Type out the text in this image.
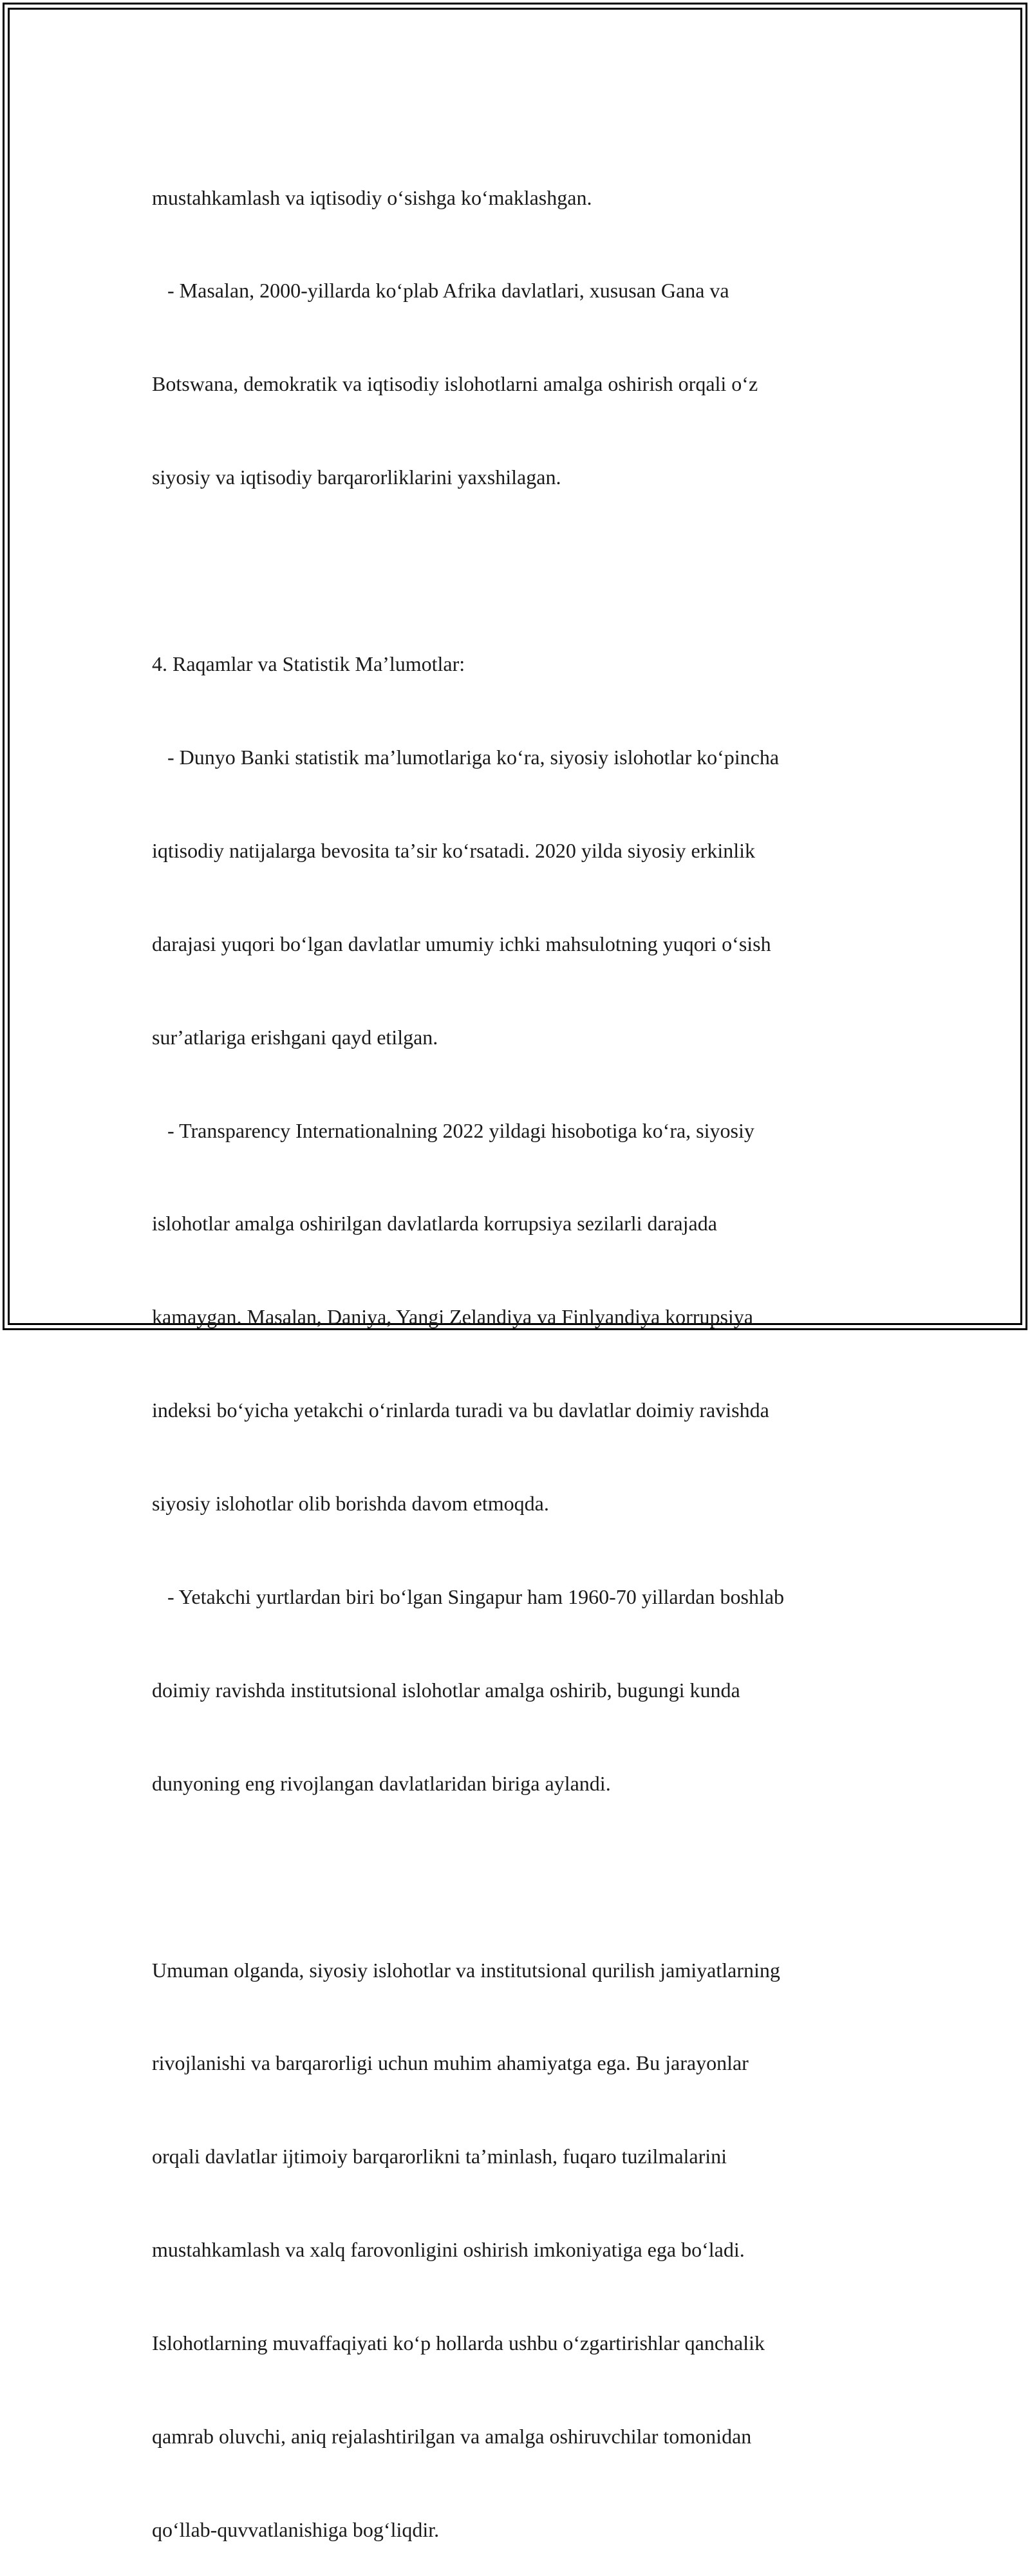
mustahkamlash va iqtisodiy oʻsishga koʻmaklashgan.

- Masalan, 2000-yillarda koʻplab Afrika davlatlari, xususan Gana va

Botswana, demokratik va iqtisodiy islohotlarni amalga oshirish orqali oʻz

siyosiy va iqtisodiy barqarorliklarini yaxshilagan.

4. Raqamlar va Statistik Maʼlumotlar:

- Dunyo Banki statistik maʼlumotlariga koʻra, siyosiy islohotlar koʻpincha

iqtisodiy natijalarga bevosita taʼsir koʻrsatadi. 2020 yilda siyosiy erkinlik

darajasi yuqori boʻlgan davlatlar umumiy ichki mahsulotning yuqori oʻsish

surʼatlariga erishgani qayd etilgan.

- Transparency Internationalning 2022 yildagi hisobotiga koʻra, siyosiy

islohotlar amalga oshirilgan davlatlarda korrupsiya sezilarli darajada

kamaygan. Masalan, Daniya, Yangi Zelandiya va Finlyandiya korrupsiya

indeksi boʻyicha yetakchi oʻrinlarda turadi va bu davlatlar doimiy ravishda

siyosiy islohotlar olib borishda davom etmoqda.

- Yetakchi yurtlardan biri boʻlgan Singapur ham 1960-70 yillardan boshlab

doimiy ravishda institutsional islohotlar amalga oshirib, bugungi kunda

dunyoning eng rivojlangan davlatlaridan biriga aylandi.

Umuman olganda, siyosiy islohotlar va institutsional qurilish jamiyatlarning

rivojlanishi va barqarorligi uchun muhim ahamiyatga ega. Bu jarayonlar

orqali davlatlar ijtimoiy barqarorlikni taʼminlash, fuqaro tuzilmalarini

mustahkamlash va xalq farovonligini oshirish imkoniyatiga ega boʻladi.

Islohotlarning muvaffaqiyati koʻp hollarda ushbu oʻzgartirishlar qanchalik

qamrab oluvchi, aniq rejalashtirilgan va amalga oshiruvchilar tomonidan

qoʻllab-quvvatlanishiga bogʻliqdir.
